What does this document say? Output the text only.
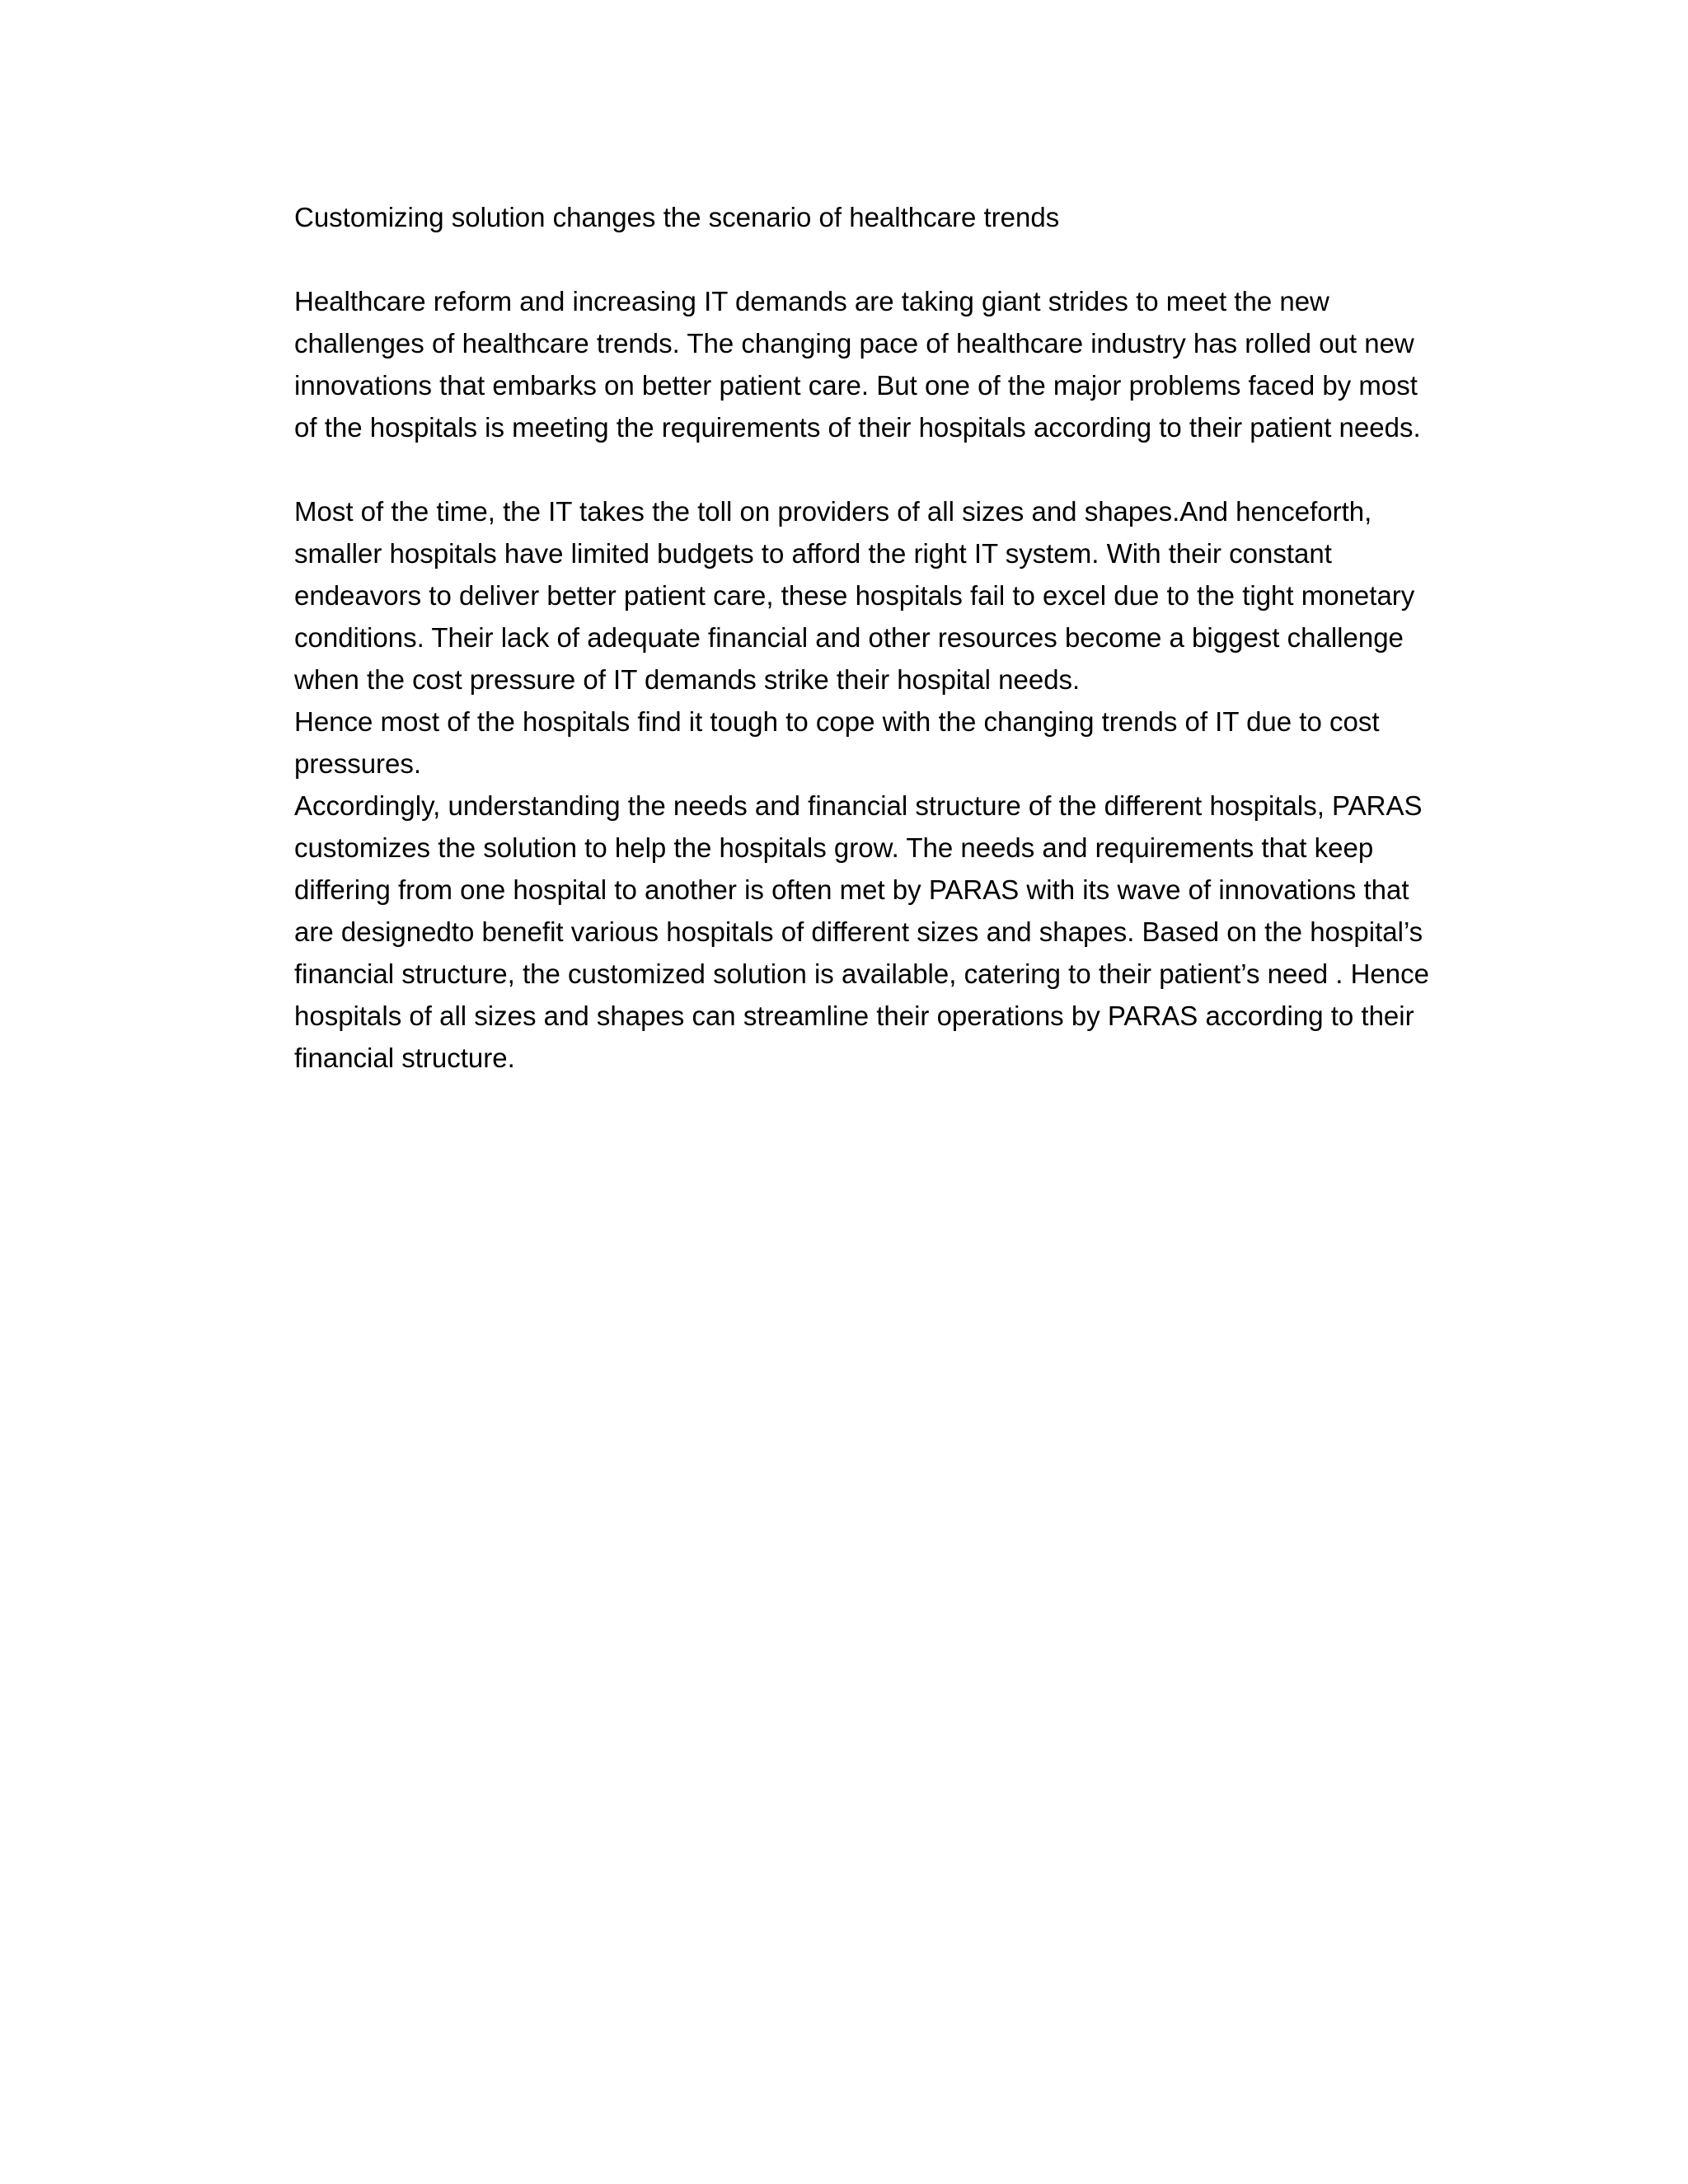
Customizing solution changes the scenario of healthcare trends
Healthcare reform and increasing IT demands are taking giant strides to meet the new
challenges of healthcare trends. The changing pace of healthcare industry has rolled out new
innovations that embarks on better patient care. But one of the major problems faced by most
of the hospitals is meeting the requirements of their hospitals according to their patient needs.
Most of the time, the IT takes the toll on providers of all sizes and shapes.And henceforth,
smaller hospitals have limited budgets to afford the right IT system. With their constant
endeavors to deliver better patient care, these hospitals fail to excel due to the tight monetary
conditions. Their lack of adequate financial and other resources become a biggest challenge
when the cost pressure of IT demands strike their hospital needs.
Hence most of the hospitals find it tough to cope with the changing trends of IT due to cost
pressures.
Accordingly, understanding the needs and financial structure of the different hospitals, PARAS
customizes the solution to help the hospitals grow. The needs and requirements that keep
differing from one hospital to another is often met by PARAS with its wave of innovations that
are designedto benefit various hospitals of different sizes and shapes. Based on the hospital’s
financial structure, the customized solution is available, catering to their patient’s need . Hence
hospitals of all sizes and shapes can streamline their operations by PARAS according to their
financial structure.
